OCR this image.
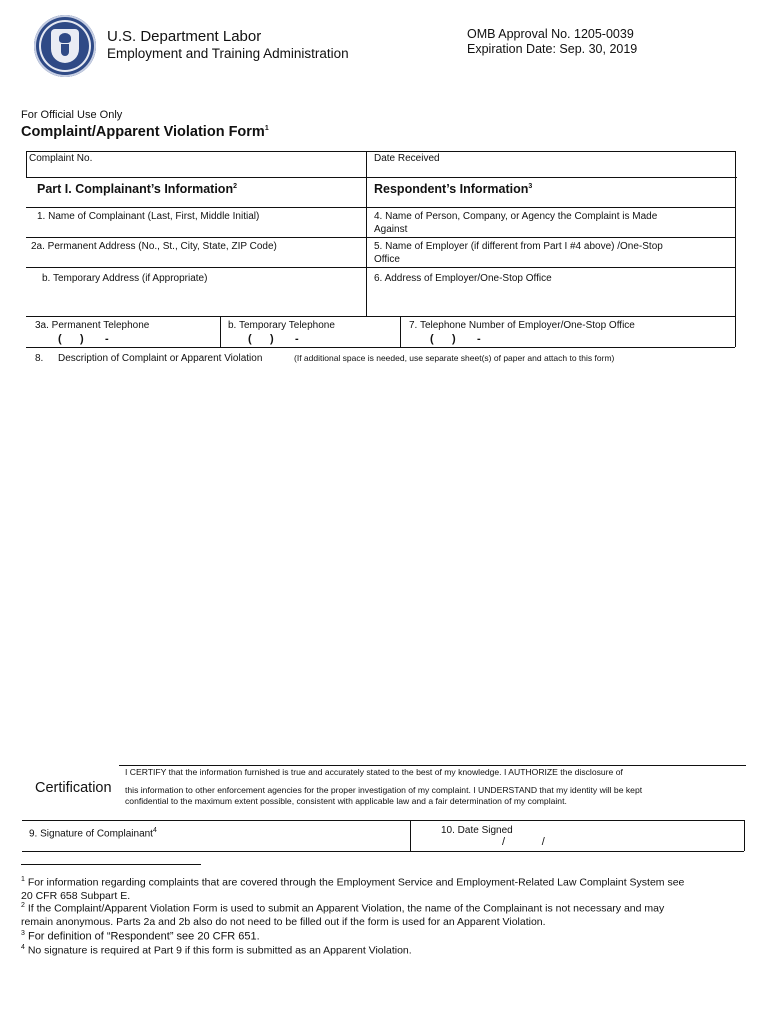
U.S. Department Labor
Employment and Training Administration
OMB Approval No. 1205-0039
Expiration Date: Sep. 30, 2019
For Official Use Only
Complaint/Apparent Violation Form$^1$
Complaint No.	Date Received
Part I. Complainant’s Information$^2$	Respondent’s Information$^3$
1. Name of Complainant (Last, First, Middle Initial)	4. Name of Person, Company, or Agency the Complaint is Made
Against
2a. Permanent Address (No., St., City, State, ZIP Code)	5. Name of Employer (if different from Part I #4 above) /One-Stop
Office
b. Temporary Address (if Appropriate)	6. Address of Employer/One-Stop Office
3a. Permanent Telephone	b. Temporary Telephone	7. Telephone Number of Employer/One-Stop Office
(      )       -	(      )       -	(      )       -
8. Description of Complaint or Apparent Violation	(If additional space is needed, use separate sheet(s) of paper and attach to this form)
Certification
I CERTIFY that the information furnished is true and accurately stated to the best of my knowledge. I AUTHORIZE the disclosure of
this information to other enforcement agencies for the proper investigation of my complaint. I UNDERSTAND that my identity will be kept
confidential to the maximum extent possible, consistent with applicable law and a fair determination of my complaint.
9. Signature of Complainant$^4$	10. Date Signed
/            /
$^1$ For information regarding complaints that are covered through the Employment Service and Employment-Related Law Complaint System see
20 CFR 658 Subpart E.
$^2$ If the Complaint/Apparent Violation Form is used to submit an Apparent Violation, the name of the Complainant is not necessary and may
remain anonymous. Parts 2a and 2b also do not need to be filled out if the form is used for an Apparent Violation.
$^3$ For definition of “Respondent” see 20 CFR 651.
$^4$ No signature is required at Part 9 if this form is submitted as an Apparent Violation.
